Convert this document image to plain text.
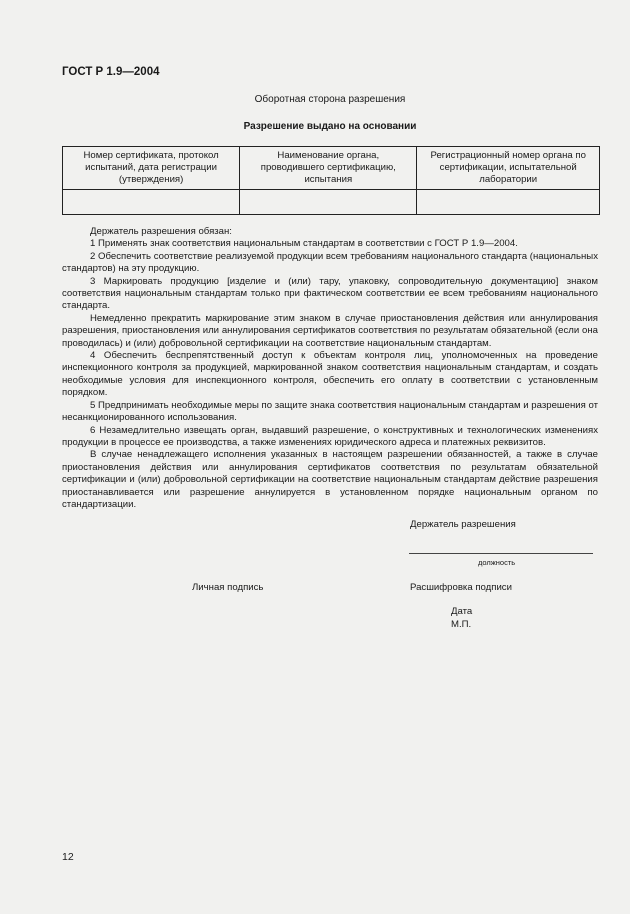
ГОСТ Р 1.9—2004
Оборотная сторона разрешения
Разрешение выдано на основании
Номер сертификата, протокол испытаний, дата регистрации (утверждения)	Наименование органа, проводившего сертификацию, испытания	Регистрационный номер органа по сертификации, испытательной лаборатории

Держатель разрешения обязан:

1 Применять знак соответствия национальным стандартам в соответствии с ГОСТ Р 1.9—2004.

2 Обеспечить соответствие реализуемой продукции всем требованиям национального стандарта (национальных стандартов) на эту продукцию.

3 Маркировать продукцию [изделие и (или) тару, упаковку, сопроводительную документацию] знаком соответствия национальным стандартам только при фактическом соответствии ее всем требованиям национального стандарта.

Немедленно прекратить маркирование этим знаком в случае приостановления действия или аннулирования разрешения, приостановления или аннулирования сертификатов соответствия по результатам обязательной (если она проводилась) и (или) добровольной сертификации на соответствие национальным стандартам.

4 Обеспечить беспрепятственный доступ к объектам контроля лиц, уполномоченных на проведение инспекционного контроля за продукцией, маркированной знаком соответствия национальным стандартам, и создать необходимые условия для инспекционного контроля, обеспечить его оплату в соответствии с установленным порядком.

5 Предпринимать необходимые меры по защите знака соответствия национальным стандартам и разрешения от несанкционированного использования.

6 Незамедлительно извещать орган, выдавший разрешение, о конструктивных и технологических изменениях продукции в процессе ее производства, а также изменениях юридического адреса и платежных реквизитов.

В случае ненадлежащего исполнения указанных в настоящем разрешении обязанностей, а также в случае приостановления действия или аннулирования сертификатов соответствия по результатам обязательной сертификации и (или) добровольной сертификации на соответствие национальным стандартам действие разрешения приостанавливается или разрешение аннулируется в установленном порядке национальным органом по стандартизации.

Держатель разрешения
должность
Личная подпись	Расшифровка подписи
Дата
М.П.
12
